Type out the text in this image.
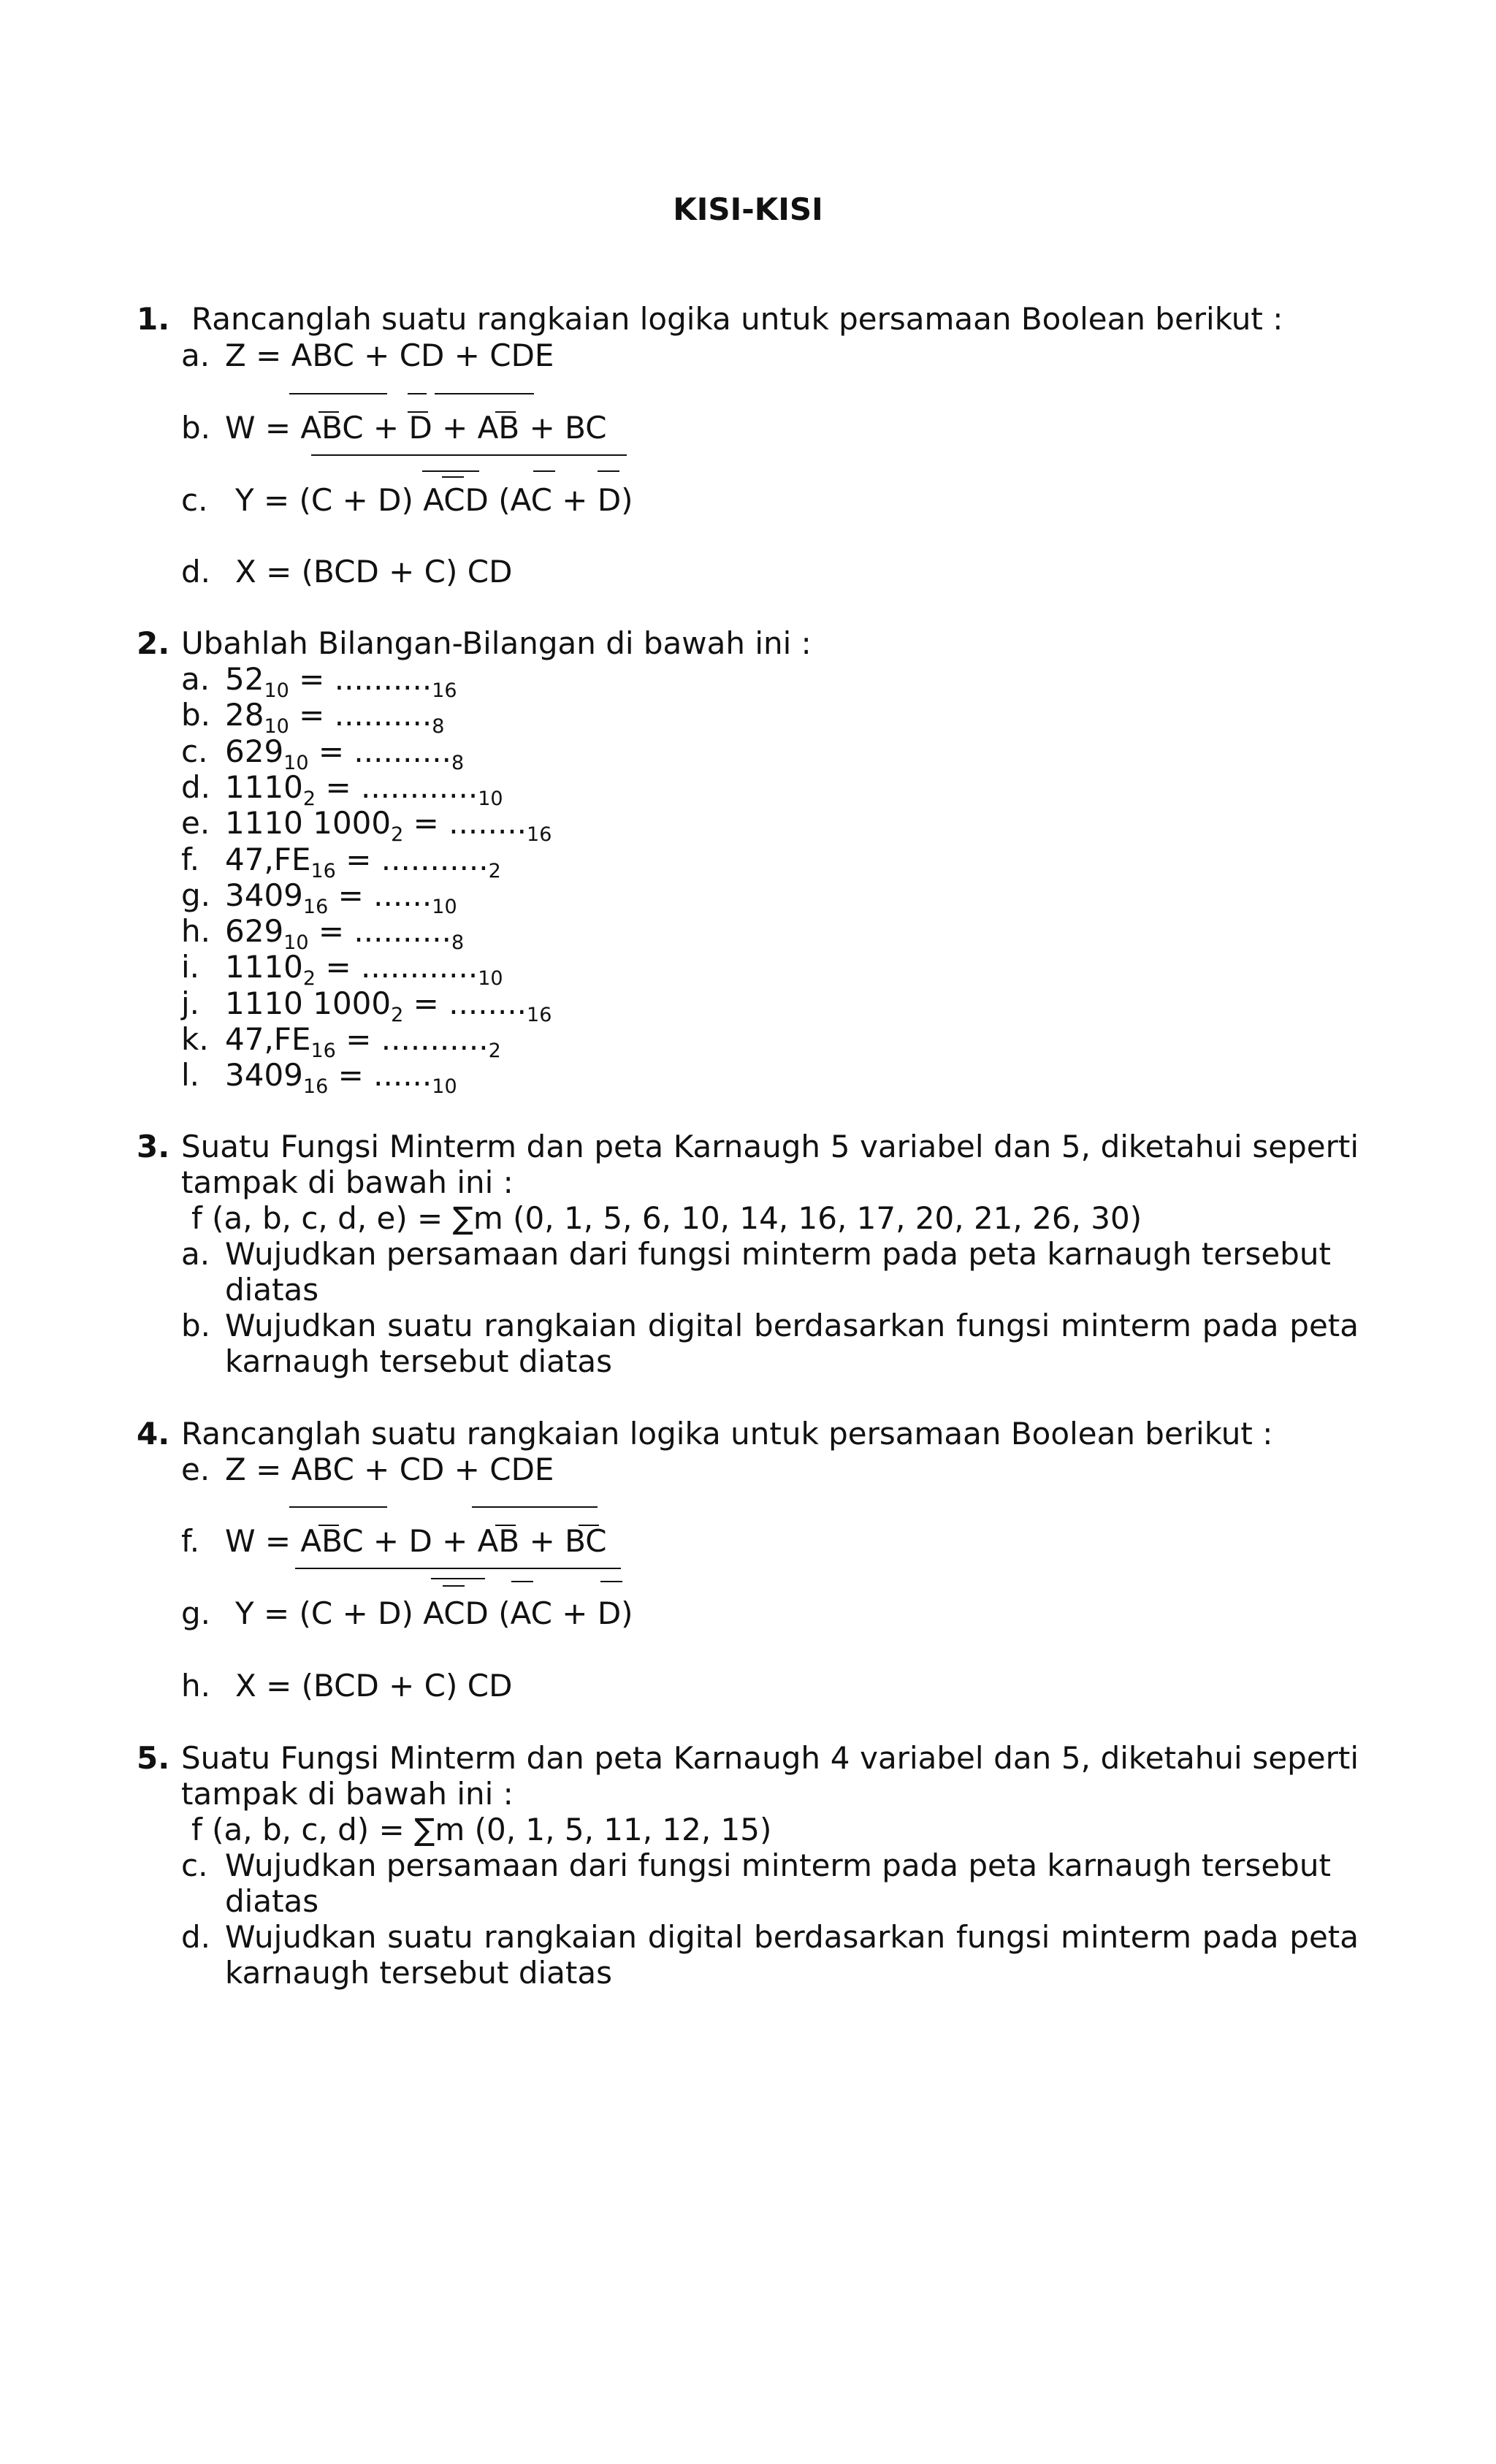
KISI-KISI
1. Rancanglah suatu rangkaian logika untuk persamaan Boolean berikut :
a. Z = ABC + CD + CDE
b. W = ABC + D + AB + BC
c. Y = (C + D) ACD (AC + D)
d. X = (BCD + C) CD
2. Ubahlah Bilangan-Bilangan di bawah ini :
a. $52_{10} = .........._{16}$
b. $28_{10} = .........._8$
c. $629_{10} = .........._8$
d. $1110_2 = ............_{10}$
e. 1110 $1000_2 = ........_{16}$
f. $47,FE_{16} = ..........._2$
g. $3409_{16} = ......_{10}$
h. $629_{10} = .........._8$
i. $1110_2 = ............_{10}$
j. 1110 $1000_2 = ........_{16}$
k. $47,FE_{16} = ..........._2$
l. $3409_{16} = ......_{10}$
3. Suatu Fungsi Minterm dan peta Karnaugh 5 variabel dan 5, diketahui seperti
tampak di bawah ini :
f (a, b, c, d, e) = ∑m (0, 1, 5, 6, 10, 14, 16, 17, 20, 21, 26, 30)
a. Wujudkan persamaan dari fungsi minterm pada peta karnaugh tersebut
diatas
b. Wujudkan suatu rangkaian digital berdasarkan fungsi minterm pada peta
karnaugh tersebut diatas
4. Rancanglah suatu rangkaian logika untuk persamaan Boolean berikut :
e. Z = ABC + CD + CDE
f. W = ABC + D + AB + BC
g. Y = (C + D) ACD (AC + D)
h. X = (BCD + C) CD
5. Suatu Fungsi Minterm dan peta Karnaugh 4 variabel dan 5, diketahui seperti
tampak di bawah ini :
f (a, b, c, d) = ∑m (0, 1, 5, 11, 12, 15)
c. Wujudkan persamaan dari fungsi minterm pada peta karnaugh tersebut
diatas
d. Wujudkan suatu rangkaian digital berdasarkan fungsi minterm pada peta
karnaugh tersebut diatas
